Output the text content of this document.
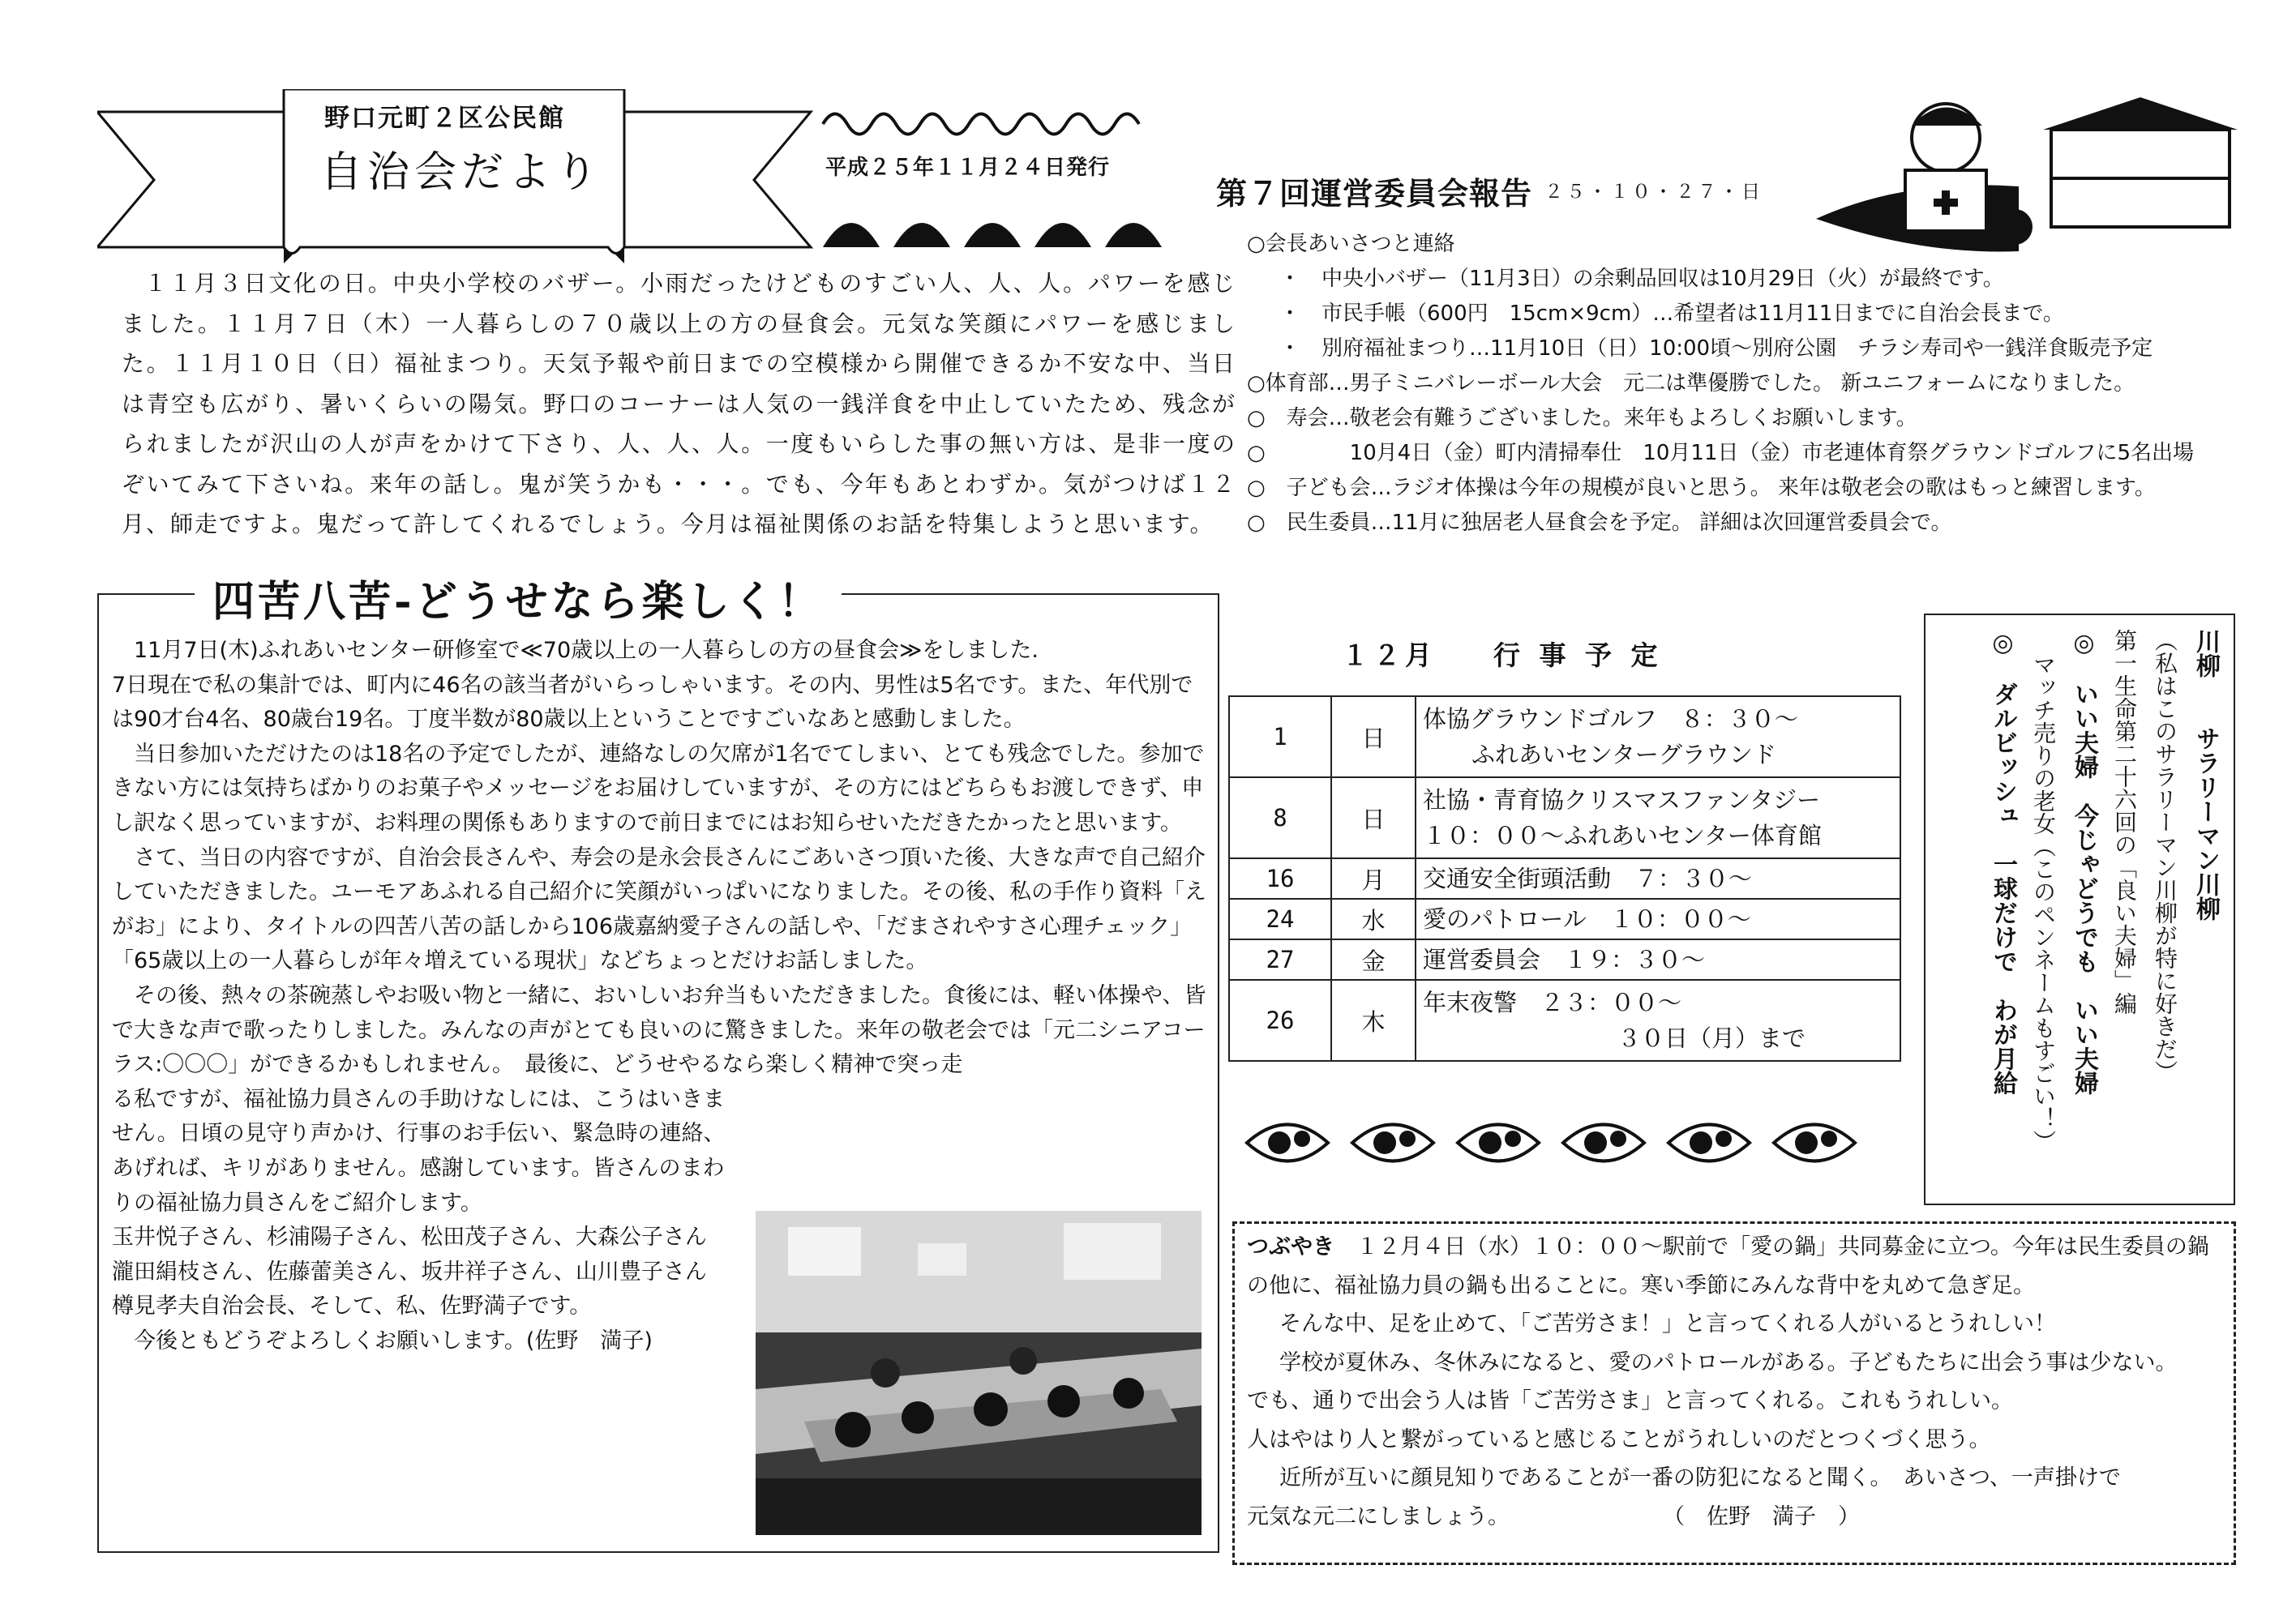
野口元町２区公民館
自治会だより	平成２５年１１月２４日発行
１１月３日文化の日。中央小学校のバザー。小雨だったけどものすごい人、人、人。パワーを感じました。１１月７日（木）一人暮らしの７０歳以上の方の昼食会。元気な笑顔にパワーを感じました。１１月１０日（日）福祉まつり。天気予報や前日までの空模様から開催できるか不安な中、当日は青空も広がり、暑いくらいの陽気。野口のコーナーは人気の一銭洋食を中止していたため、残念がられましたが沢山の人が声をかけて下さり、人、人、人。一度もいらした事の無い方は、是非一度のぞいてみて下さいね。来年の話し。鬼が笑うかも・・・。でも、今年もあとわずか。気がつけば１２月、師走ですよ。鬼だって許してくれるでしょう。今月は福祉関係のお話を特集しようと思います。
四苦八苦‐どうせなら楽しく！

11月7日(木)ふれあいセンター研修室で≪70歳以上の一人暮らしの方の昼食会≫をしました.

7日現在で私の集計では、町内に46名の該当者がいらっしゃいます。その内、男性は5名です。また、年代別では90才台4名、80歳台19名。丁度半数が80歳以上ということですごいなあと感動しました。

当日参加いただけたのは18名の予定でしたが、連絡なしの欠席が1名でてしまい、とても残念でした。参加できない方には気持ちばかりのお菓子やメッセージをお届けしていますが、その方にはどちらもお渡しできず、申し訳なく思っていますが、お料理の関係もありますので前日までにはお知らせいただきたかったと思います。

さて、当日の内容ですが、自治会長さんや、寿会の是永会長さんにごあいさつ頂いた後、大きな声で自己紹介していただきました。ユーモアあふれる自己紹介に笑顔がいっぱいになりました。その後、私の手作り資料「えがお」により、タイトルの四苦八苦の話しから106歳嘉納愛子さんの話しや、「だまされやすさ心理チェック」「65歳以上の一人暮らしが年々増えている現状」などちょっとだけお話しました。

その後、熱々の茶碗蒸しやお吸い物と一緒に、おいしいお弁当もいただきました。食後には、軽い体操や、皆で大きな声で歌ったりしました。みんなの声がとても良いのに驚きました。来年の敬老会では「元二シニアコーラス:〇〇〇」ができるかもしれません。　最後に、どうせやるなら楽しく精神で突っ走

る私ですが、福祉協力員さんの手助けなしには、こうはいきません。日頃の見守り声かけ、行事のお手伝い、緊急時の連絡、あげれば、キリがありません。感謝しています。皆さんのまわりの福祉協力員さんをご紹介します。

玉井悦子さん、杉浦陽子さん、松田茂子さん、大森公子さん

瀧田絹枝さん、佐藤蕾美さん、坂井祥子さん、山川豊子さん

樽見孝夫自治会長、そして、私、佐野満子です。

今後ともどうぞよろしくお願いします。(佐野　満子)

第７回運営委員会報告 ２５・１０・２７・日
○会長あいさつと連絡
・　中央小バザー（11月3日）の余剰品回収は10月29日（火）が最終です。
・　市民手帳（600円　15cm×9cm）…希望者は11月11日までに自治会長まで。
・　別府福祉まつり…11月10日（日）10:00頃～別府公園　チラシ寿司や一銭洋食販売予定
○体育部…男子ミニバレーボール大会　元二は準優勝でした。 新ユニフォームになりました。
○　寿会…敬老会有難うございました。来年もよろしくお願いします。
○　　　　10月4日（金）町内清掃奉仕　10月11日（金）市老連体育祭グラウンドゴルフに5名出場
○　子ども会…ラジオ体操は今年の規模が良いと思う。 来年は敬老会の歌はもっと練習します。
○　民生委員…11月に独居老人昼食会を予定。 詳細は次回運営委員会で。
１２月 行 事 予 定
1	日	体協グラウンドゴルフ　８：３０～
ふれあいセンターグラウンド

8	日	社協・青育協クリスマスファンタジー
１０：００～ふれあいセンター体育館

16	月	交通安全街頭活動　７：３０～
24	水	愛のパトロール　１０：００～
27	金	運営委員会　１９：３０～
26	木	年末夜警　２３：００～
３０日（月）まで
川柳　　サラリーマン川柳
（私はこのサラリーマン川柳が特に好きだ）
第一生命第二十六回の「良い夫婦」編
◎　いい夫婦　今じゃどうでも　いい夫婦
マッチ売りの老女（このペンネームもすごい！）
◎　ダルビッシュ　一球だけで　わが月給

つぶやき　１２月４日（水）１０：００～駅前で「愛の鍋」共同募金に立つ。今年は民生委員の鍋の他に、福祉協力員の鍋も出ることに。寒い季節にみんな背中を丸めて急ぎ足。

そんな中、足を止めて、「ご苦労さま！」と言ってくれる人がいるとうれしい！

学校が夏休み、冬休みになると、愛のパトロールがある。子どもたちに出会う事は少ない。

でも、通りで出会う人は皆「ご苦労さま」と言ってくれる。これもうれしい。

人はやはり人と繋がっていると感じることがうれしいのだとつくづく思う。

近所が互いに顔見知りであることが一番の防犯になると聞く。　あいさつ、一声掛けで

元気な元二にしましょう。　　　　　　　　（　佐野　満子　）
